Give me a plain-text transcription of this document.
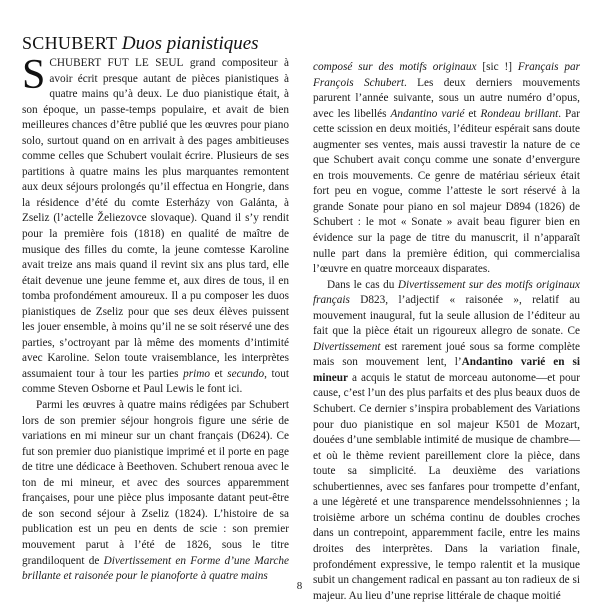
SCHUBERT Duos pianistiques

SCHUBERT FUT LE SEUL grand compositeur à avoir écrit presque autant de pièces pianistiques à quatre mains qu’à deux. Le duo pianistique était, à son époque, un passe-temps populaire, et avait de bien meilleures chances d’être publié que les œuvres pour piano solo, surtout quand on en arrivait à des pages ambitieuses comme celles que Schubert voulait écrire. Plusieurs de ses partitions à quatre mains les plus marquantes remontent aux deux séjours prolongés qu’il effectua en Hongrie, dans la résidence d’été du comte Esterházy von Galánta, à Zseliz (l’actelle Želiezovce slovaque). Quand il s’y rendit pour la première fois (1818) en qualité de maître de musique des filles du comte, la jeune comtesse Karoline avait treize ans mais quand il revint six ans plus tard, elle était devenue une jeune femme et, aux dires de tous, il en tomba profondément amoureux. Il a pu composer les duos pianistiques de Zseliz pour que ses deux élèves puissent les jouer ensemble, à moins qu’il ne se soit réservé une des parties, s’octroyant par là même des moments d’intimité avec Karoline. Selon toute vraisemblance, les interprètes assumaient tour à tour les parties primo et secundo, tout comme Steven Osborne et Paul Lewis le font ici.

Parmi les œuvres à quatre mains rédigées par Schubert lors de son premier séjour hongrois figure une série de variations en mi mineur sur un chant français (D624). Ce fut son premier duo pianistique imprimé et il porte en page de titre une dédicace à Beethoven. Schubert renoua avec le ton de mi mineur, et avec des sources apparemment françaises, pour une pièce plus imposante datant peut-être de son second séjour à Zseliz (1824). L’histoire de sa publication est un peu en dents de scie : son premier mouvement parut à l’été de 1826, sous le titre grandiloquent de Divertissement en Forme d’une Marche brillante et raisonée pour le pianoforte à quatre mains

composé sur des motifs originaux [sic !] Français par François Schubert. Les deux derniers mouvements parurent l’année suivante, sous un autre numéro d’opus, avec les libellés Andantino varié et Rondeau brillant. Par cette scission en deux moitiés, l’éditeur espérait sans doute augmenter ses ventes, mais aussi travestir la nature de ce que Schubert avait conçu comme une sonate d’envergure en trois mouvements. Ce genre de matériau sérieux était fort peu en vogue, comme l’atteste le sort réservé à la grande Sonate pour piano en sol majeur D894 (1826) de Schubert : le mot « Sonate » avait beau figurer bien en évidence sur la page de titre du manuscrit, il n’apparaît nulle part dans la première édition, qui commercialisa l’œuvre en quatre morceaux disparates.

Dans le cas du Divertissement sur des motifs originaux français D823, l’adjectif « raisonée », relatif au mouvement inaugural, fut la seule allusion de l’éditeur au fait que la pièce était un rigoureux allegro de sonate. Ce Divertissement est rarement joué sous sa forme complète mais son mouvement lent, l’Andantino varié en si mineur a acquis le statut de morceau autonome—et pour cause, c’est l’un des plus parfaits et des plus beaux duos de Schubert. Ce dernier s’inspira probablement des Variations pour duo pianistique en sol majeur K501 de Mozart, douées d’une semblable intimité de musique de chambre—et où le thème revient pareillement clore la pièce, dans toute sa simplicité. La deuxième des variations schubertiennes, avec ses fanfares pour trompette d’enfant, a une légèreté et une transparence mendelssohniennes ; la troisième arbore un schéma continu de doubles croches dans un contrepoint, apparemment facile, entre les mains droites des interprètes. Dans la variation finale, profondément expressive, le tempo ralentit et la musique subit un changement radical en passant au ton radieux de si majeur. Au lieu d’une reprise littérale de chaque moitié

8
